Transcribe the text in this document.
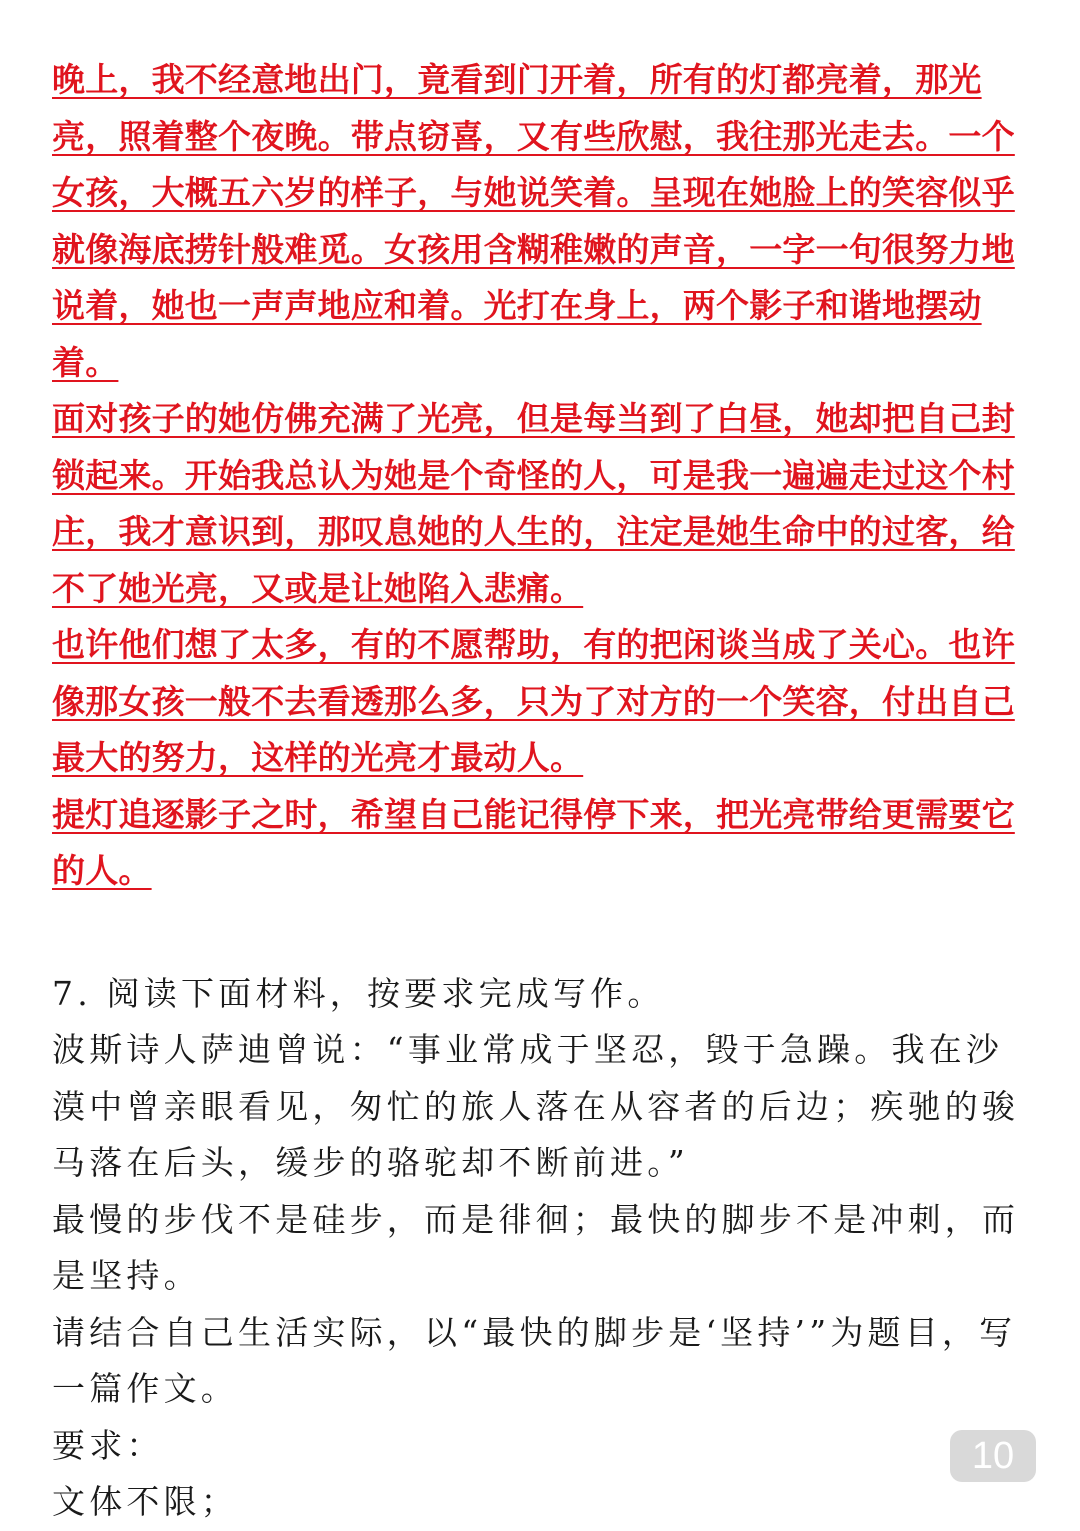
晚上，我不经意地出门，竟看到门开着，所有的灯都亮着，那光亮，照着整个夜晚。带点窃喜，又有些欣慰，我往那光走去。一个女孩，大概五六岁的样子，与她说笑着。呈现在她脸上的笑容似乎就像海底捞针般难觅。女孩用含糊稚嫩的声音，一字一句很努力地说着，她也一声声地应和着。光打在身上，两个影子和谐地摆动着。

面对孩子的她仿佛充满了光亮，但是每当到了白昼，她却把自己封锁起来。开始我总认为她是个奇怪的人，可是我一遍遍走过这个村庄，我才意识到，那叹息她的人生的，注定是她生命中的过客，给不了她光亮，又或是让她陷入悲痛。

也许他们想了太多，有的不愿帮助，有的把闲谈当成了关心。也许像那女孩一般不去看透那么多，只为了对方的一个笑容，付出自己最大的努力，这样的光亮才最动人。

提灯追逐影子之时，希望自己能记得停下来，把光亮带给更需要它的人。

7. 阅读下面材料，按要求完成写作。

波斯诗人萨迪曾说：“事业常成于坚忍，毁于急躁。我在沙漠中曾亲眼看见，匆忙的旅人落在从容者的后边；疾驰的骏马落在后头，缓步的骆驼却不断前进。”

最慢的步伐不是硅步，而是徘徊；最快的脚步不是冲刺，而是坚持。

请结合自己生活实际，以“最快的脚步是‘坚持’”为题目，写一篇作文。

要求：

文体不限；

10
